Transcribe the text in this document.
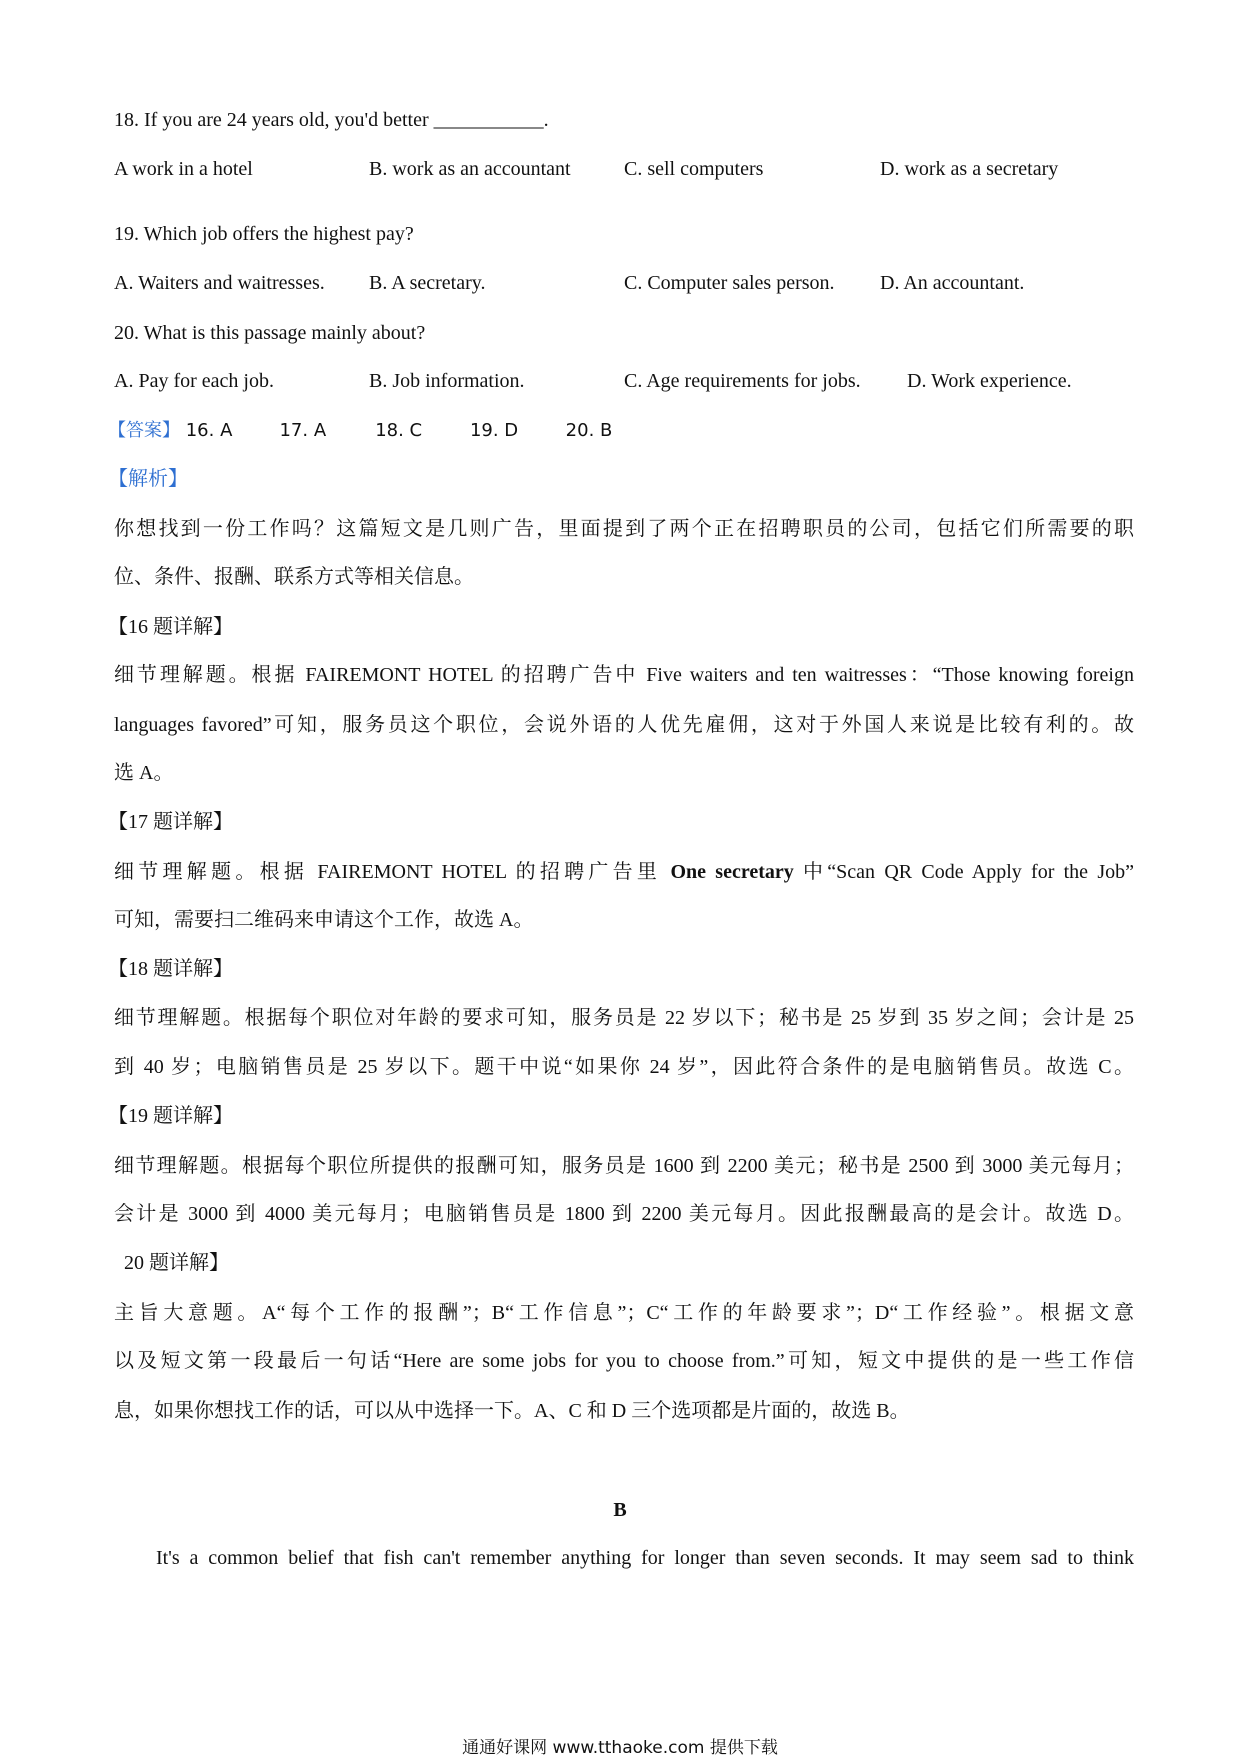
18. If you are 24 years old, you'd better ___________.
A work in a hotel	B. work as an accountant	C. sell computers	D. work as a secretary
19. Which job offers the highest pay?
A. Waiters and waitresses. B. A secretary.	C. Computer sales person. D. An accountant.
20. What is this passage mainly about?
A. Pay for each job.	B. Job information.	C. Age requirements for jobs. D. Work experience.
【答案】 16. A	17. A	18. C	19. D	20. B
【解析】
你想找到一份工作吗？这篇短文是几则广告，里面提到了两个正在招聘职员的公司，包括它们所需要的职
位、条件、报酬、联系方式等相关信息。
【16 题详解】
细节理解题。根据 FAIREMONT HOTEL 的招聘广告中 Five waiters and ten waitresses：“Those knowing foreign
languages favored”可知，服务员这个职位，会说外语的人优先雇佣，这对于外国人来说是比较有利的。故
选 A。
【17 题详解】
细节理解题。根据 FAIREMONT HOTEL 的招聘广告里 One secretary 中“Scan QR Code Apply for the Job”
可知，需要扫二维码来申请这个工作，故选 A。
【18 题详解】
细节理解题。根据每个职位对年龄的要求可知，服务员是 22 岁以下；秘书是 25 岁到 35 岁之间；会计是 25
到 40 岁；电脑销售员是 25 岁以下。题干中说“如果你 24 岁”，因此符合条件的是电脑销售员。故选 C。
【19 题详解】
细节理解题。根据每个职位所提供的报酬可知，服务员是 1600 到 2200 美元；秘书是 2500 到 3000 美元每月；
会计是 3000 到 4000 美元每月；电脑销售员是 1800 到 2200 美元每月。因此报酬最高的是会计。故选 D。
20 题详解】
主旨大意题。A“每个工作的报酬”；B“工作信息”；C“工作的年龄要求”；D“工作经验”。根据文意
以及短文第一段最后一句话“Here are some jobs for you to choose from.”可知，短文中提供的是一些工作信
息，如果你想找工作的话，可以从中选择一下。A、C 和 D 三个选项都是片面的，故选 B。
B
It's a common belief that fish can't remember anything for longer than seven seconds. It may seem sad to think
通通好课网 www.tthaoke.com 提供下载
